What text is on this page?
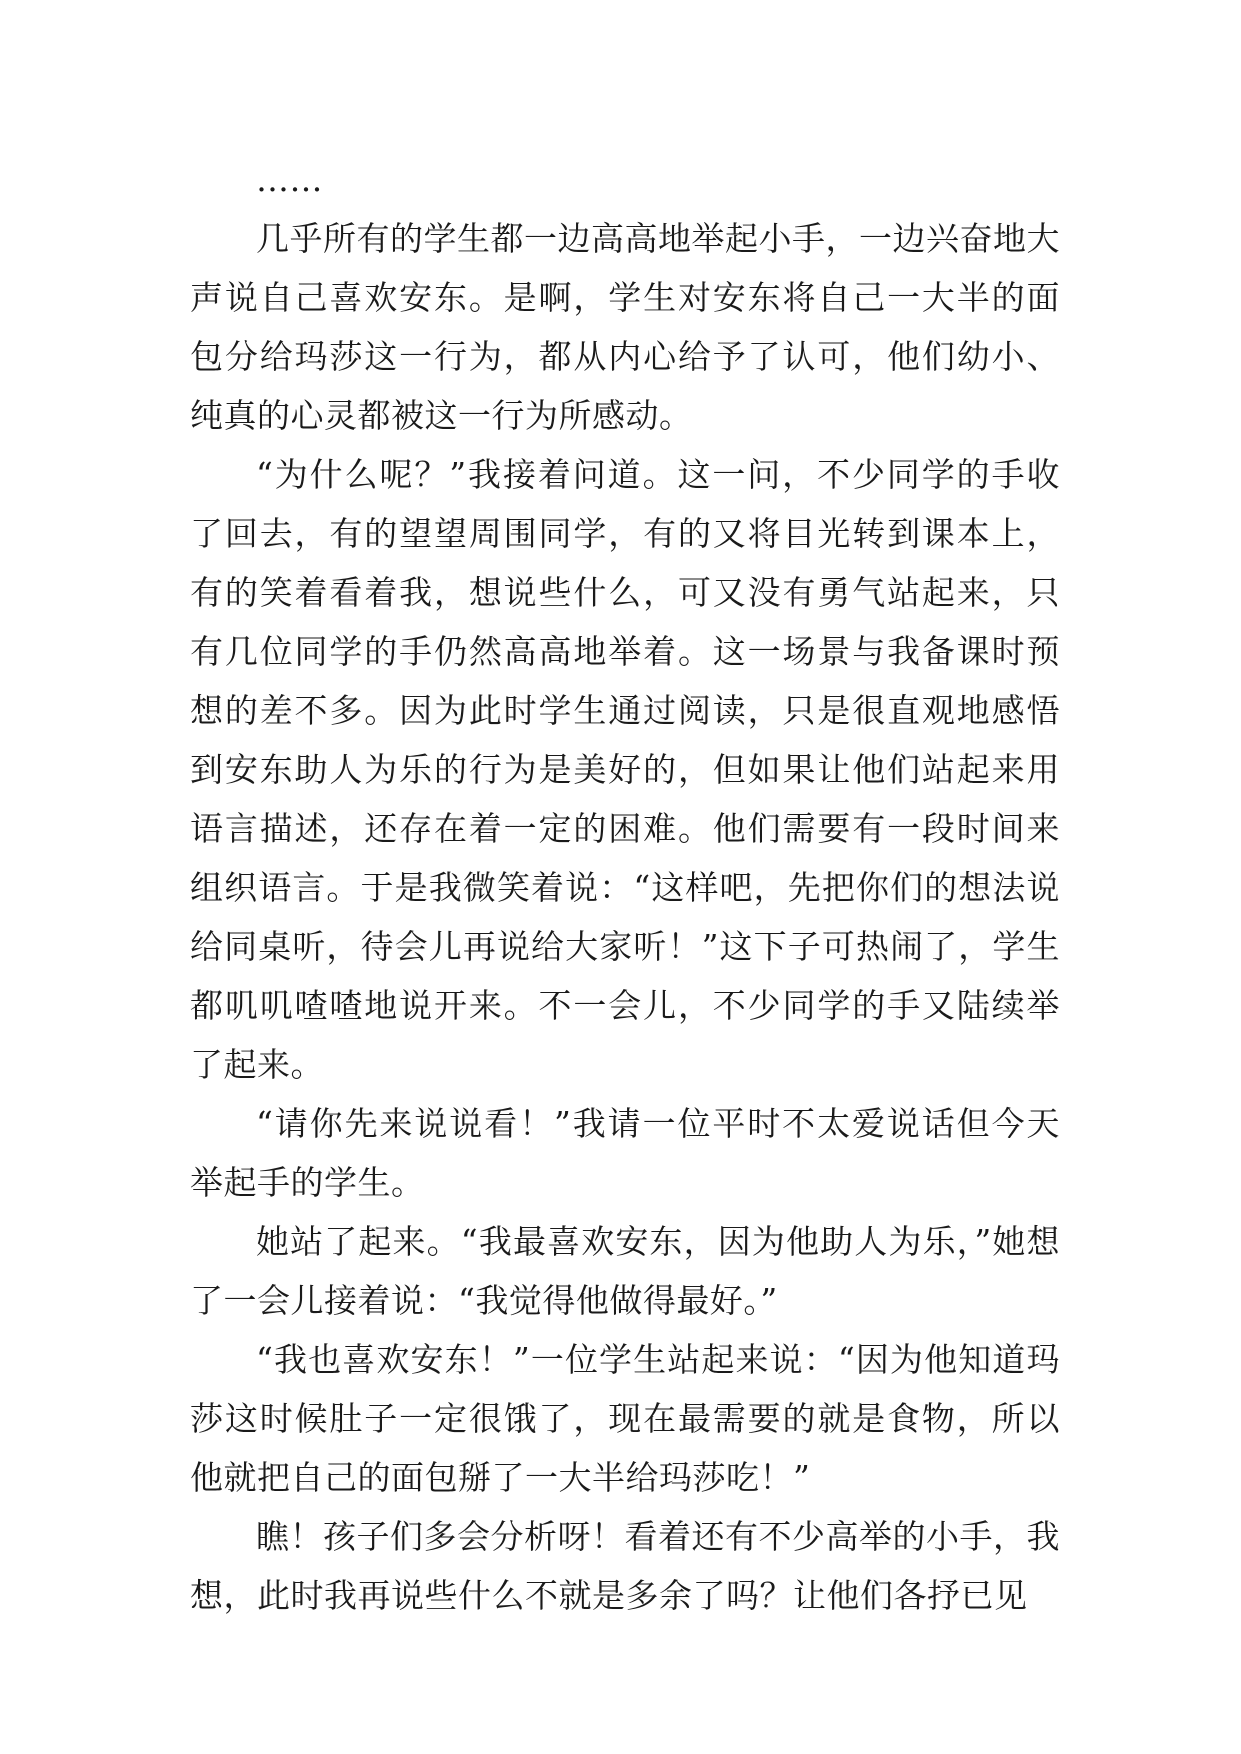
……

几乎所有的学生都一边高高地举起小手，一边兴奋地大声说自己喜欢安东。是啊，学生对安东将自己一大半的面包分给玛莎这一行为，都从内心给予了认可，他们幼小、纯真的心灵都被这一行为所感动。

“为什么呢？”我接着问道。这一问，不少同学的手收了回去，有的望望周围同学，有的又将目光转到课本上，有的笑着看着我，想说些什么，可又没有勇气站起来，只有几位同学的手仍然高高地举着。这一场景与我备课时预想的差不多。因为此时学生通过阅读，只是很直观地感悟到安东助人为乐的行为是美好的，但如果让他们站起来用语言描述，还存在着一定的困难。他们需要有一段时间来组织语言。于是我微笑着说：“这样吧，先把你们的想法说给同桌听，待会儿再说给大家听！”这下子可热闹了，学生都叽叽喳喳地说开来。不一会儿，不少同学的手又陆续举了起来。

“请你先来说说看！”我请一位平时不太爱说话但今天举起手的学生。

她站了起来。“我最喜欢安东，因为他助人为乐，”她想了一会儿接着说：“我觉得他做得最好。”

“我也喜欢安东！”一位学生站起来说：“因为他知道玛莎这时候肚子一定很饿了，现在最需要的就是食物，所以他就把自己的面包掰了一大半给玛莎吃！”

瞧！孩子们多会分析呀！看着还有不少高举的小手，我想，此时我再说些什么不就是多余了吗？让他们各抒已见
